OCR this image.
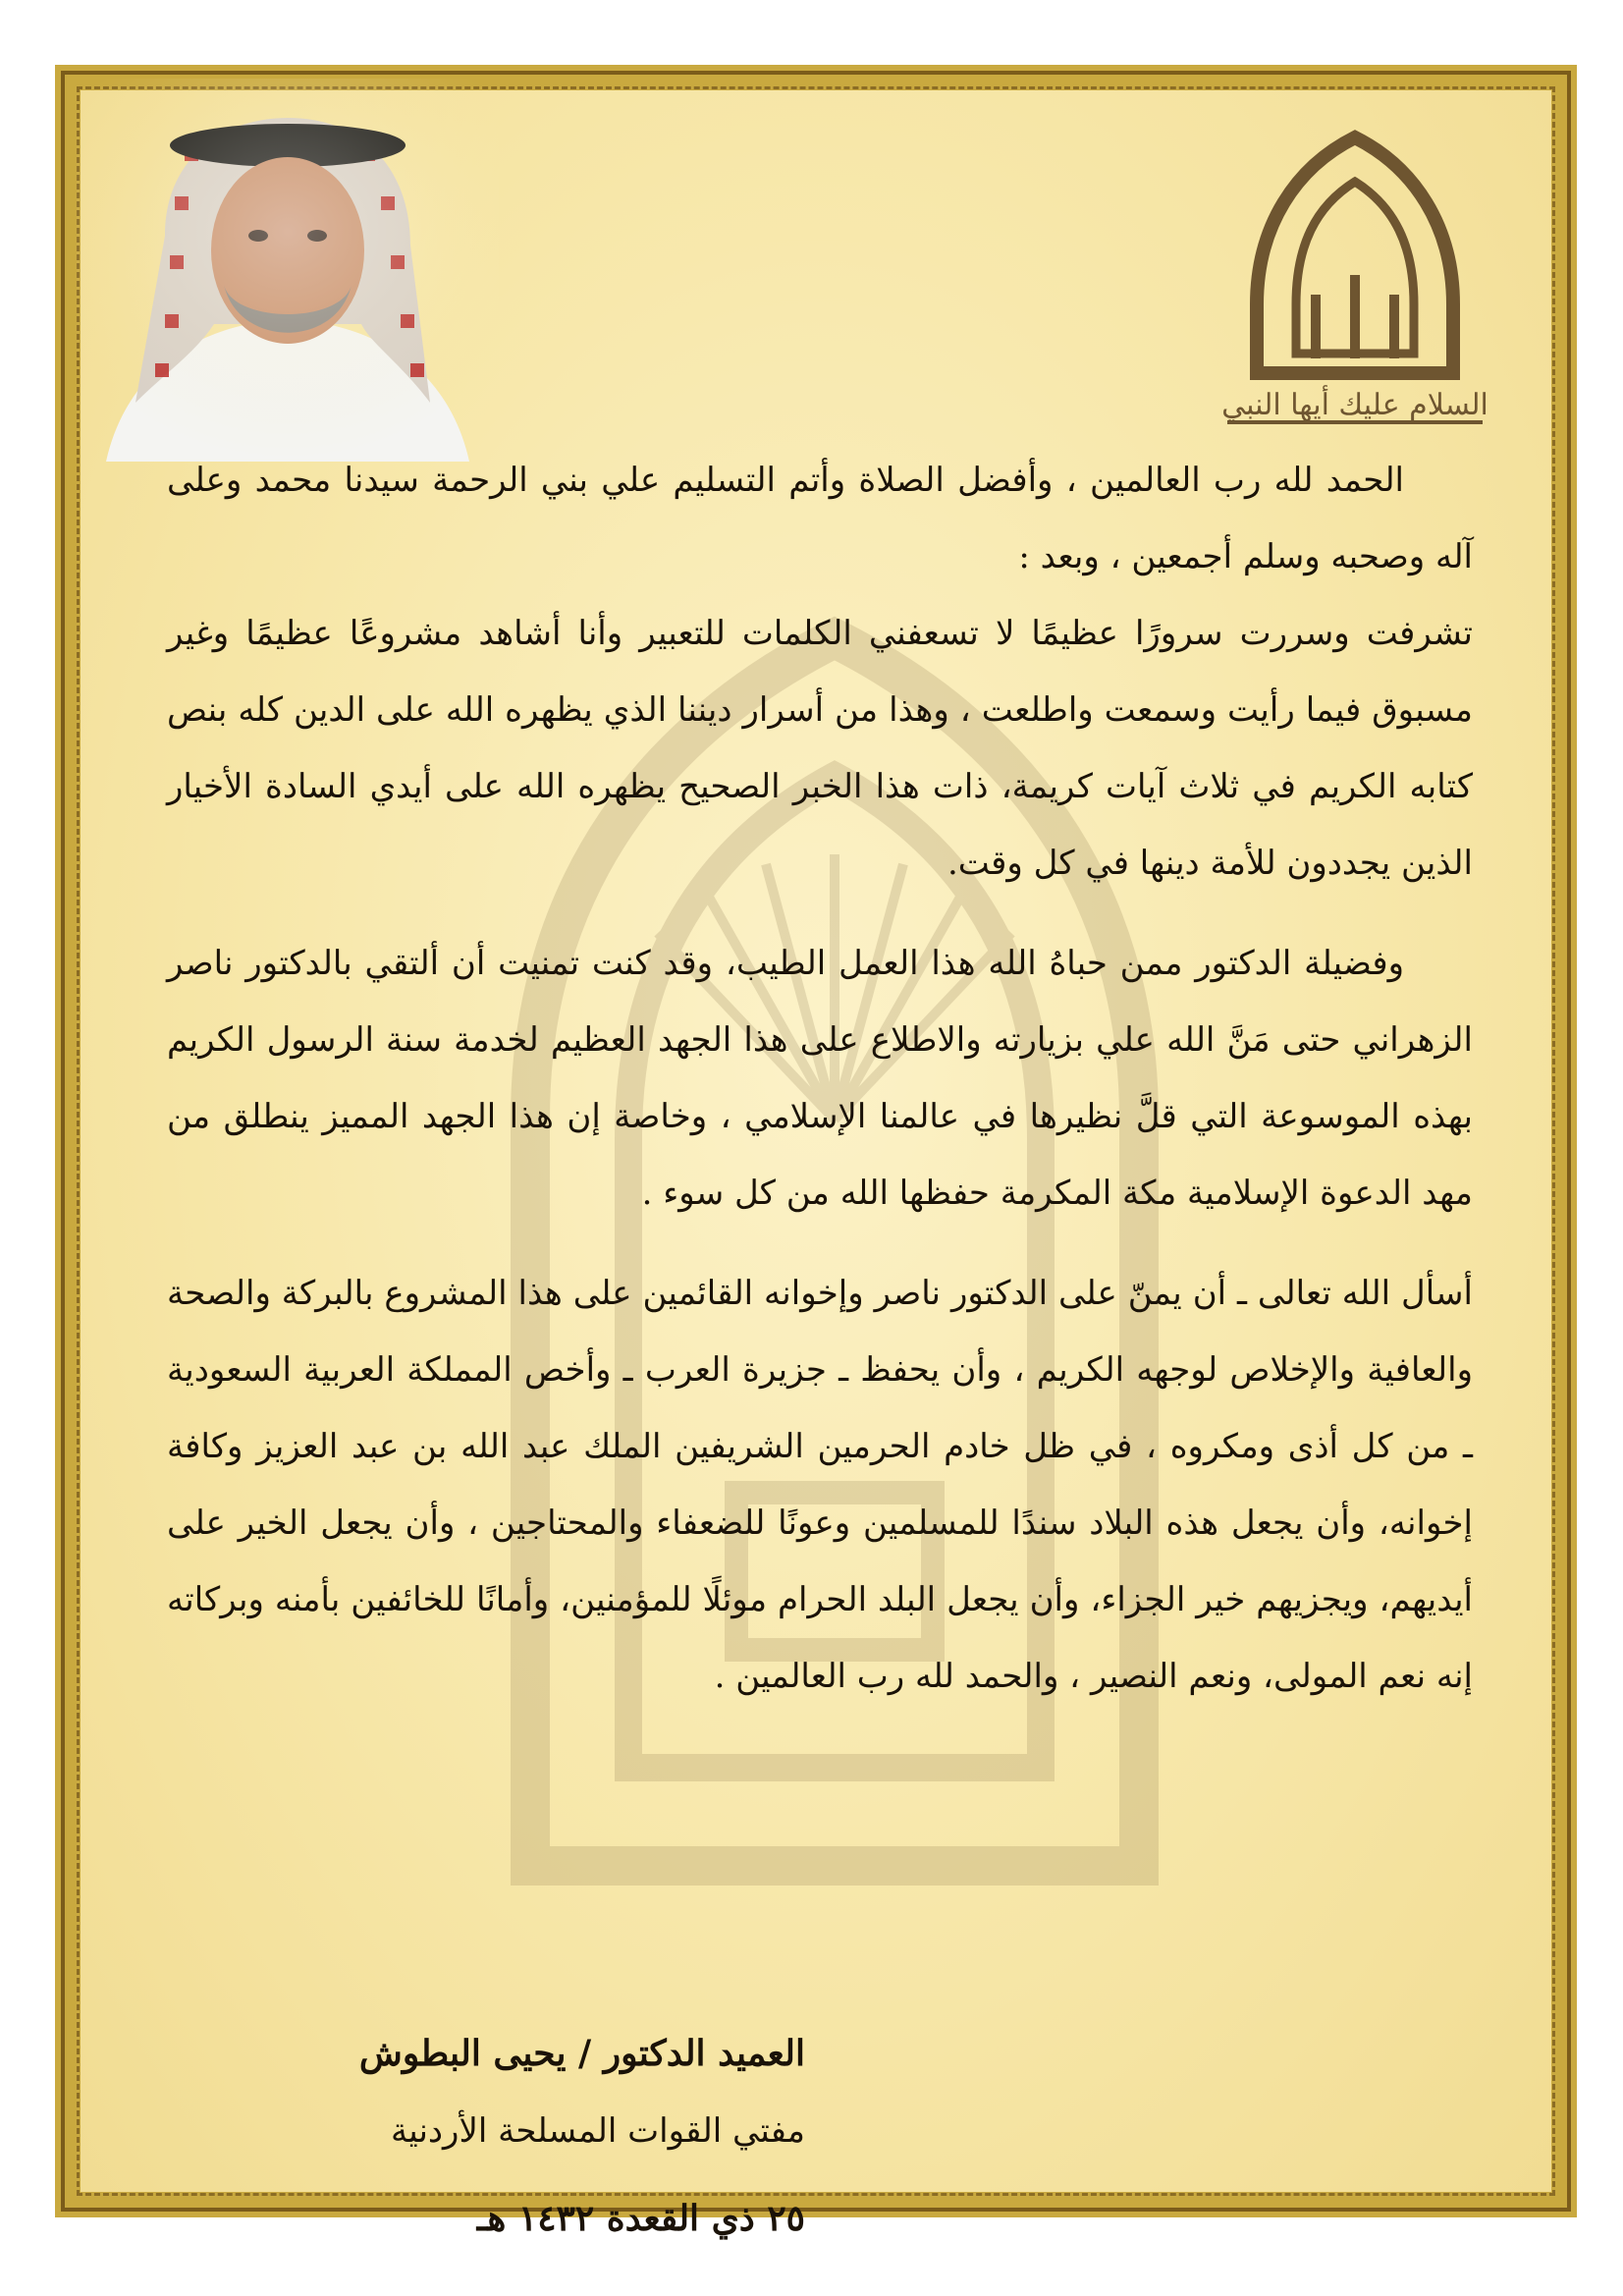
السلام عليك أيها النبي

الحمد لله رب العالمين ، وأفضل الصلاة وأتم التسليم علي بني الرحمة سيدنا محمد وعلى آله وصحبه وسلم أجمعين ، وبعد :

تشرفت وسررت سرورًا عظيمًا لا تسعفني الكلمات للتعبير وأنا أشاهد مشروعًا عظيمًا وغير مسبوق فيما رأيت وسمعت واطلعت ، وهذا من أسرار ديننا الذي يظهره الله على الدين كله بنص كتابه الكريم في ثلاث آيات كريمة، ذات هذا الخبر الصحيح يظهره الله على أيدي السادة الأخيار الذين يجددون للأمة دينها في كل وقت.

وفضيلة الدكتور ممن حباهُ الله هذا العمل الطيب، وقد كنت تمنيت أن ألتقي بالدكتور ناصر الزهراني حتى مَنَّ الله علي بزيارته والاطلاع على هذا الجهد العظيم لخدمة سنة الرسول الكريم بهذه الموسوعة التي قلَّ نظيرها في عالمنا الإسلامي ، وخاصة إن هذا الجهد المميز ينطلق من مهد الدعوة الإسلامية مكة المكرمة حفظها الله من كل سوء .

أسأل الله تعالى ـ أن يمنّ على الدكتور ناصر وإخوانه القائمين على هذا المشروع بالبركة والصحة والعافية والإخلاص لوجهه الكريم ، وأن يحفظ ـ جزيرة العرب ـ وأخص المملكة العربية السعودية ـ من كل أذى ومكروه ، في ظل خادم الحرمين الشريفين الملك عبد الله بن عبد العزيز وكافة إخوانه، وأن يجعل هذه البلاد سندًا للمسلمين وعونًا للضعفاء والمحتاجين ، وأن يجعل الخير على أيديهم، ويجزيهم خير الجزاء، وأن يجعل البلد الحرام موئلًا للمؤمنين، وأمانًا للخائفين بأمنه وبركاته إنه نعم المولى، ونعم النصير ، والحمد لله رب العالمين .

العميد الدكتور / يحيى البطوش
مفتي القوات المسلحة الأردنية
٢٥ ذي القعدة ١٤٣٢ هـ
